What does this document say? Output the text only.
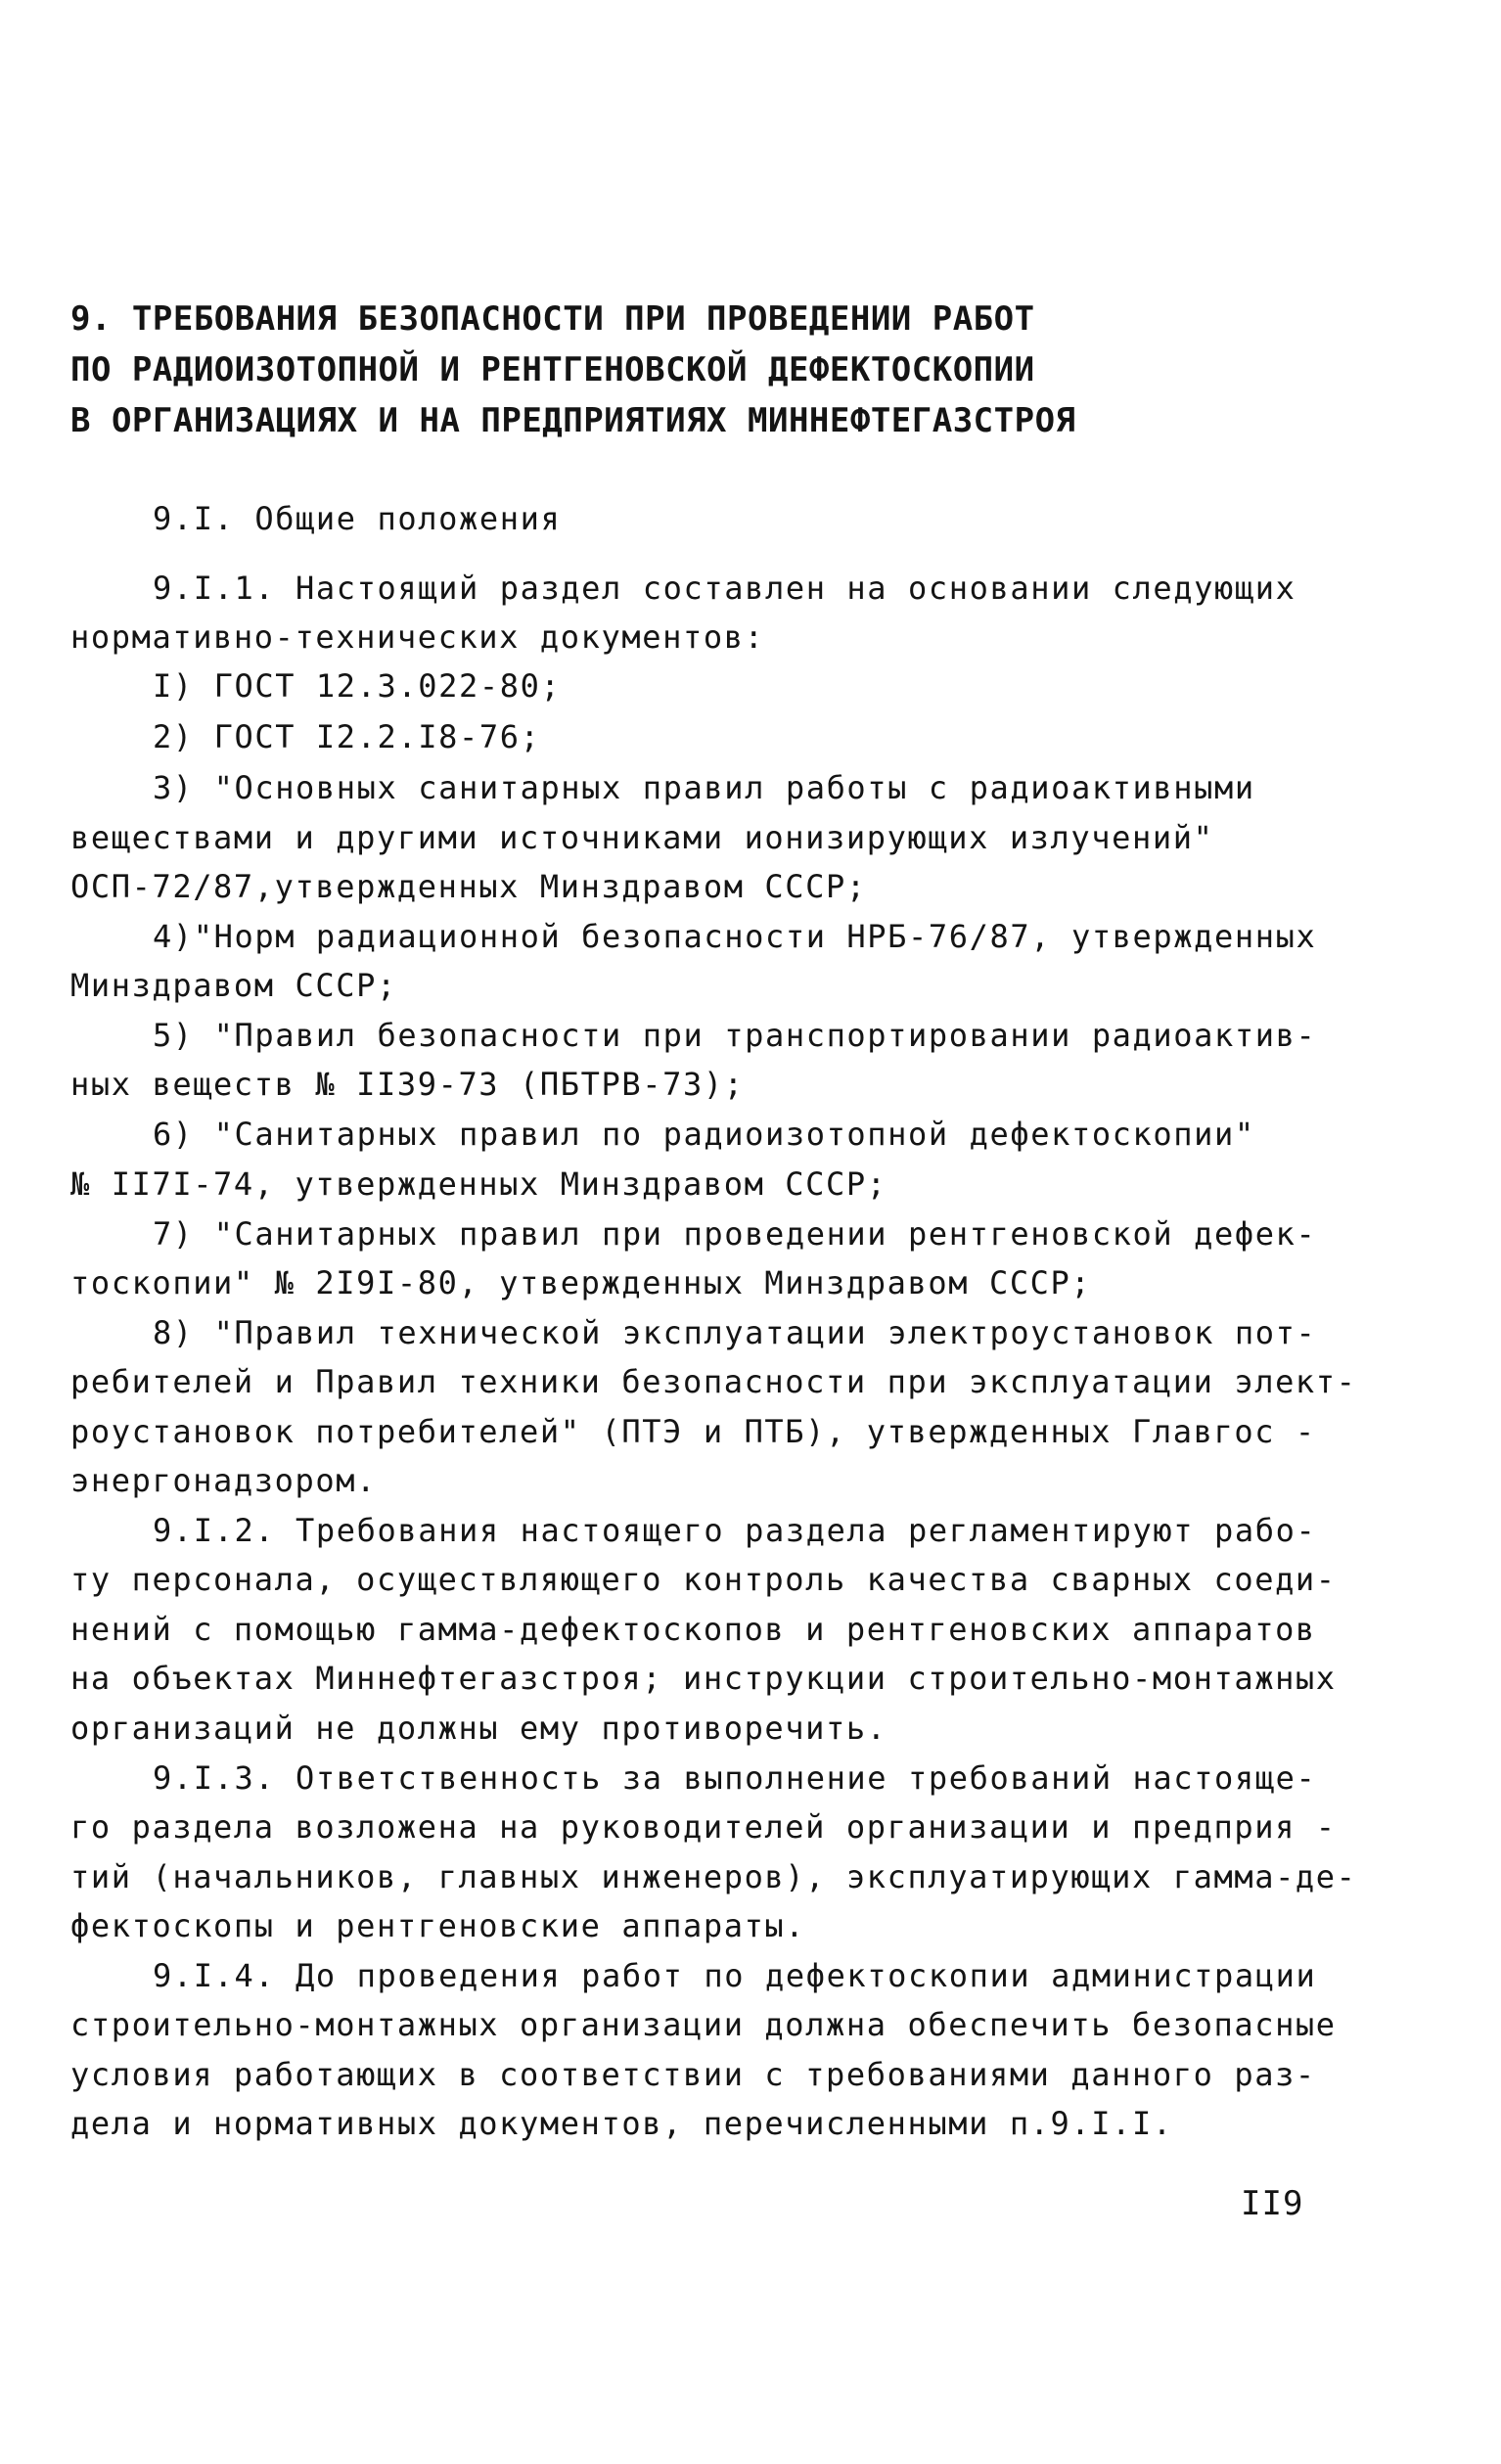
9. ТРЕБОВАНИЯ БЕЗОПАСНОСТИ ПРИ ПРОВЕДЕНИИ РАБОТ
ПО РАДИОИЗОТОПНОЙ И РЕНТГЕНОВСКОЙ ДЕФЕКТОСКОПИИ
В ОРГАНИЗАЦИЯХ И НА ПРЕДПРИЯТИЯХ МИННЕФТЕГАЗСТРОЯ
9.I. Общие положения
9.I.1. Настоящий раздел составлен на основании следующих
нормативно-технических документов:
I) ГОСТ 12.3.022-80;
2) ГОСТ I2.2.I8-76;
3) "Основных санитарных правил работы с радиоактивными
веществами и другими источниками ионизирующих излучений"
ОСП-72/87,утвержденных Минздравом СССР;
4)"Норм радиационной безопасности НРБ-76/87, утвержденных
Минздравом СССР;
5) "Правил безопасности при транспортировании радиоактив-
ных веществ № II39-73 (ПБТРВ-73);
6) "Санитарных правил по радиоизотопной дефектоскопии"
№ II7I-74, утвержденных Минздравом СССР;
7) "Санитарных правил при проведении рентгеновской дефек-
тоскопии" № 2I9I-80, утвержденных Минздравом СССР;
8) "Правил технической эксплуатации электроустановок пот-
ребителей и Правил техники безопасности при эксплуатации элект-
роустановок потребителей" (ПТЭ и ПТБ), утвержденных Главгос -
энергонадзором.
9.I.2. Требования настоящего раздела регламентируют рабо-
ту персонала, осуществляющего контроль качества сварных соеди-
нений с помощью гамма-дефектоскопов и рентгеновских аппаратов
на объектах Миннефтегазстроя; инструкции строительно-монтажных
организаций не должны ему противоречить.
9.I.3. Ответственность за выполнение требований настояще-
го раздела возложена на руководителей организации и предприя -
тий (начальников, главных инженеров), эксплуатирующих гамма-де-
фектоскопы и рентгеновские аппараты.
9.I.4. До проведения работ по дефектоскопии администрации
строительно-монтажных организации должна обеспечить безопасные
условия работающих в соответствии с требованиями данного раз-
дела и нормативных документов, перечисленными п.9.I.I.
II9
